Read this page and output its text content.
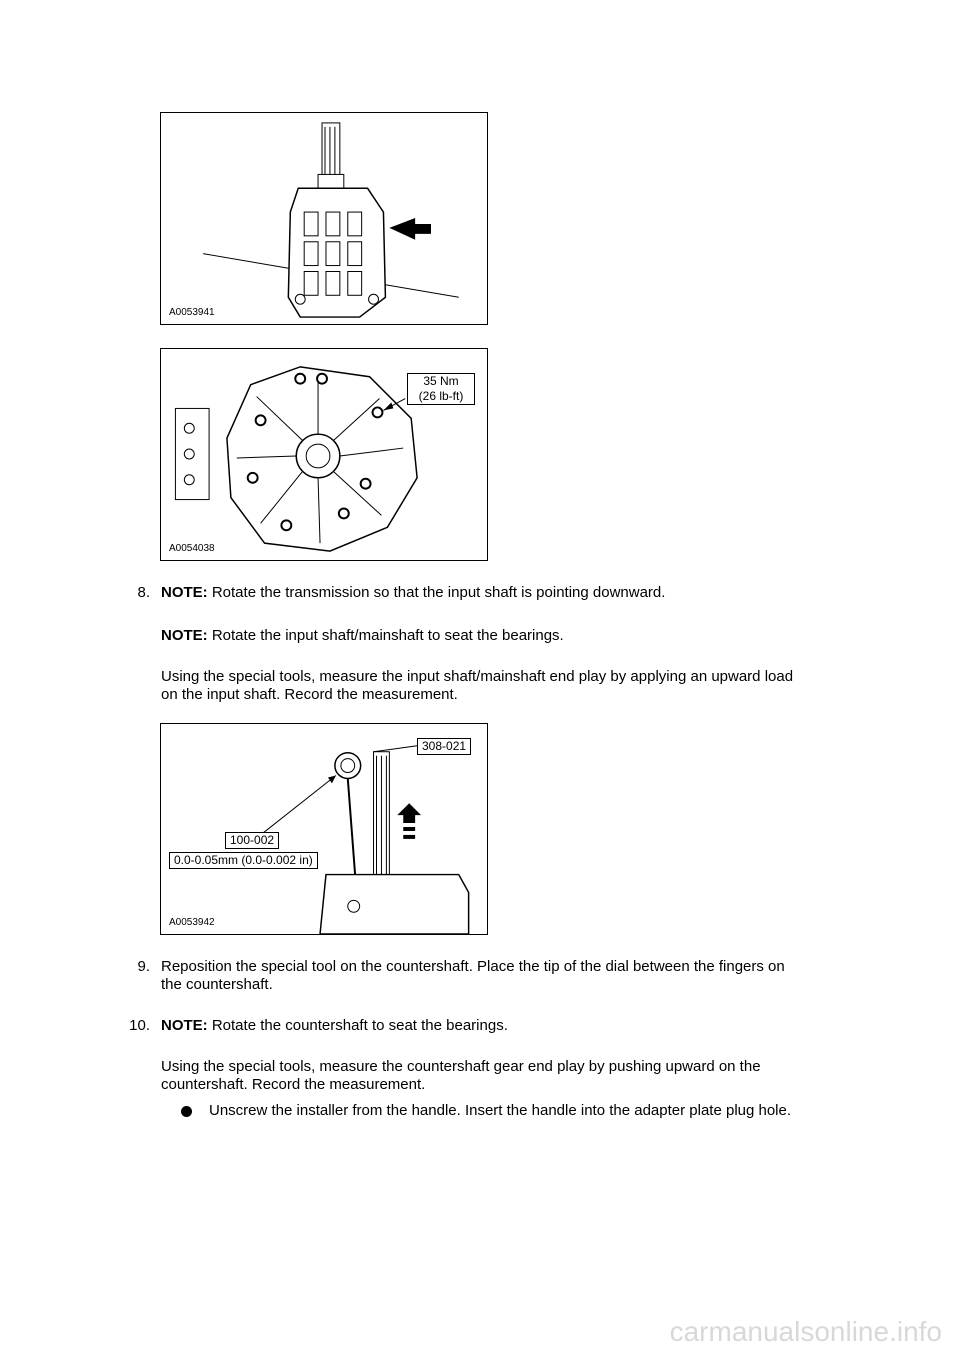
A0053941
35 Nm
(26 lb-ft)
A0054038
8. NOTE: Rotate the transmission so that the input shaft is pointing downward.
NOTE: Rotate the input shaft/mainshaft to seat the bearings.
Using the special tools, measure the input shaft/mainshaft end play by applying an upward load
on the input shaft. Record the measurement.
308-021
100-002
0.0-0.05mm (0.0-0.002 in)
A0053942
9. Reposition the special tool on the countershaft. Place the tip of the dial between the fingers on
the countershaft.
10. NOTE: Rotate the countershaft to seat the bearings.
Using the special tools, measure the countershaft gear end play by pushing upward on the
countershaft. Record the measurement.
Unscrew the installer from the handle. Insert the handle into the adapter plate plug hole.
carmanualsonline.info
